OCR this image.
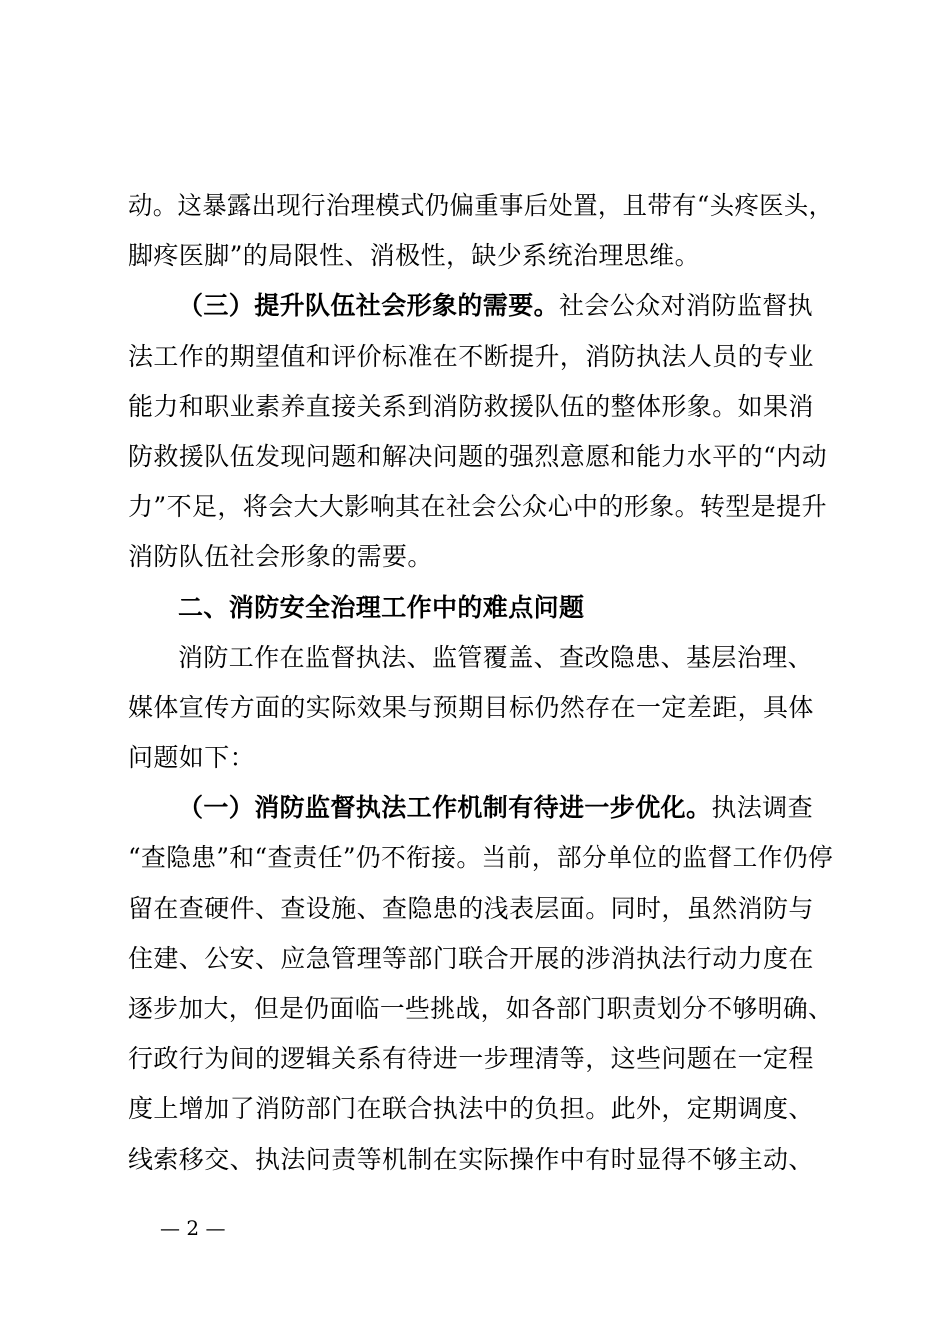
动。这暴露出现行治理模式仍偏重事后处置，且带有“头疼医头，
脚疼医脚”的局限性、消极性，缺少系统治理思维。
（三）提升队伍社会形象的需要。社会公众对消防监督执
法工作的期望值和评价标准在不断提升，消防执法人员的专业
能力和职业素养直接关系到消防救援队伍的整体形象。如果消
防救援队伍发现问题和解决问题的强烈意愿和能力水平的“内动
力”不足，将会大大影响其在社会公众心中的形象。转型是提升
消防队伍社会形象的需要。
二、消防安全治理工作中的难点问题
消防工作在监督执法、监管覆盖、查改隐患、基层治理、
媒体宣传方面的实际效果与预期目标仍然存在一定差距，具体
问题如下：
（一）消防监督执法工作机制有待进一步优化。执法调查
“查隐患”和“查责任”仍不衔接。当前，部分单位的监督工作仍停
留在查硬件、查设施、查隐患的浅表层面。同时，虽然消防与
住建、公安、应急管理等部门联合开展的涉消执法行动力度在
逐步加大，但是仍面临一些挑战，如各部门职责划分不够明确、
行政行为间的逻辑关系有待进一步理清等，这些问题在一定程
度上增加了消防部门在联合执法中的负担。此外，定期调度、
线索移交、执法问责等机制在实际操作中有时显得不够主动、
— 2 —
